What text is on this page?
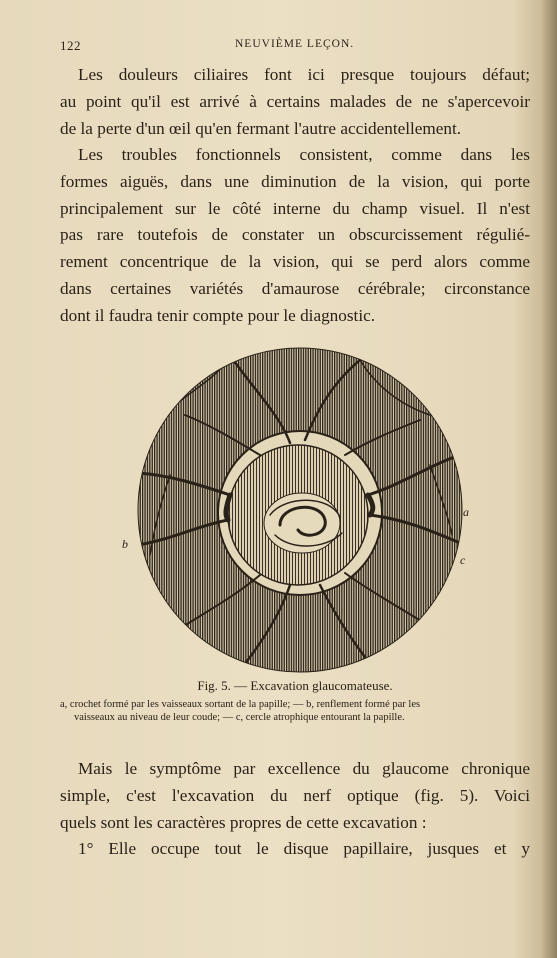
122	NEUVIÈME LEÇON.

Les douleurs ciliaires font ici presque toujours défaut;
au point qu'il est arrivé à certains malades de ne s'apercevoir
de la perte d'un œil qu'en fermant l'autre accidentellement.

Les troubles fonctionnels consistent, comme dans les
formes aiguës, dans une diminution de la vision, qui porte
principalement sur le côté interne du champ visuel. Il n'est
pas rare toutefois de constater un obscurcissement régulié-
rement concentrique de la vision, qui se perd alors comme
dans certaines variétés d'amaurose cérébrale; circonstance
dont il faudra tenir compte pour le diagnostic.

a
b
c
Fig. 5. — Excavation glaucomateuse.
a, crochet formé par les vaisseaux sortant de la papille; — b, renflement formé par les
vaisseaux au niveau de leur coude; — c, cercle atrophique entourant la papille.

Mais le symptôme par excellence du glaucome chronique
simple, c'est l'excavation du nerf optique (fig. 5). Voici
quels sont les caractères propres de cette excavation :
1° Elle occupe tout le disque papillaire, jusques et y
